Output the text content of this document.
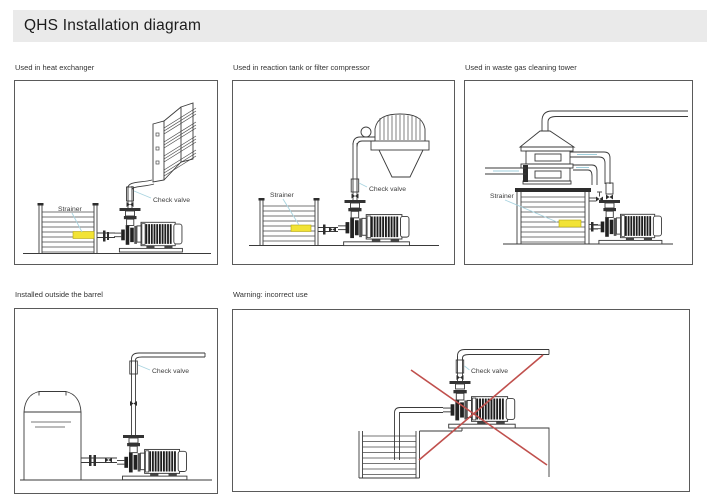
QHS Installation diagram
Used in heat exchanger	Used in reaction tank or filter compressor	Used in waste gas cleaning tower
Installed outside the barrel	Warning: incorrect use
Strainer
Check valve
Strainer
Check valve
Strainer
Check valve	Check valve
